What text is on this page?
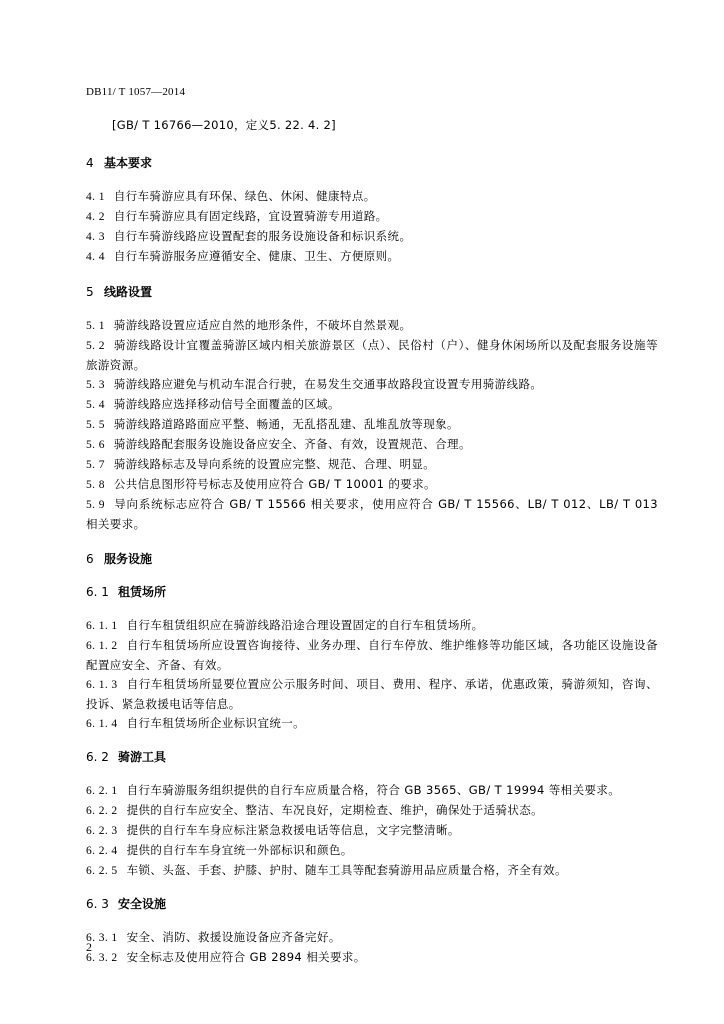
DB11/ T 1057—2014
[GB/ T 16766—2010，定义5. 22. 4. 2]
4 基本要求
4. 1 自行车骑游应具有环保、绿色、休闲、健康特点。
4. 2 自行车骑游应具有固定线路，宜设置骑游专用道路。
4. 3 自行车骑游线路应设置配套的服务设施设备和标识系统。
4. 4 自行车骑游服务应遵循安全、健康、卫生、方便原则。
5 线路设置
5. 1 骑游线路设置应适应自然的地形条件，不破坏自然景观。
5. 2 骑游线路设计宜覆盖骑游区域内相关旅游景区（点）、民俗村（户）、健身休闲场所以及配套服务设施等旅游资源。
5. 3 骑游线路应避免与机动车混合行驶，在易发生交通事故路段宜设置专用骑游线路。
5. 4 骑游线路应选择移动信号全面覆盖的区域。
5. 5 骑游线路道路路面应平整、畅通，无乱搭乱建、乱堆乱放等现象。
5. 6 骑游线路配套服务设施设备应安全、齐备、有效，设置规范、合理。
5. 7 骑游线路标志及导向系统的设置应完整、规范、合理、明显。
5. 8 公共信息图形符号标志及使用应符合 GB/ T 10001 的要求。
5. 9 导向系统标志应符合 GB/ T 15566 相关要求，使用应符合 GB/ T 15566、LB/ T 012、LB/ T 013 相关要求。
6 服务设施
6. 1 租赁场所
6. 1. 1 自行车租赁组织应在骑游线路沿途合理设置固定的自行车租赁场所。
6. 1. 2 自行车租赁场所应设置咨询接待、业务办理、自行车停放、维护维修等功能区域，各功能区设施设备配置应安全、齐备、有效。
6. 1. 3 自行车租赁场所显要位置应公示服务时间、项目、费用、程序、承诺，优惠政策，骑游须知，咨询、投诉、紧急救援电话等信息。
6. 1. 4 自行车租赁场所企业标识宜统一。
6. 2 骑游工具
6. 2. 1 自行车骑游服务组织提供的自行车应质量合格，符合 GB 3565、GB/ T 19994 等相关要求。
6. 2. 2 提供的自行车应安全、整洁、车况良好，定期检查、维护，确保处于适骑状态。
6. 2. 3 提供的自行车车身应标注紧急救援电话等信息，文字完整清晰。
6. 2. 4 提供的自行车车身宜统一外部标识和颜色。
6. 2. 5 车锁、头盔、手套、护膝、护肘、随车工具等配套骑游用品应质量合格，齐全有效。
6. 3 安全设施
6. 3. 1 安全、消防、救援设施设备应齐备完好。
6. 3. 2 安全标志及使用应符合 GB 2894 相关要求。
2
